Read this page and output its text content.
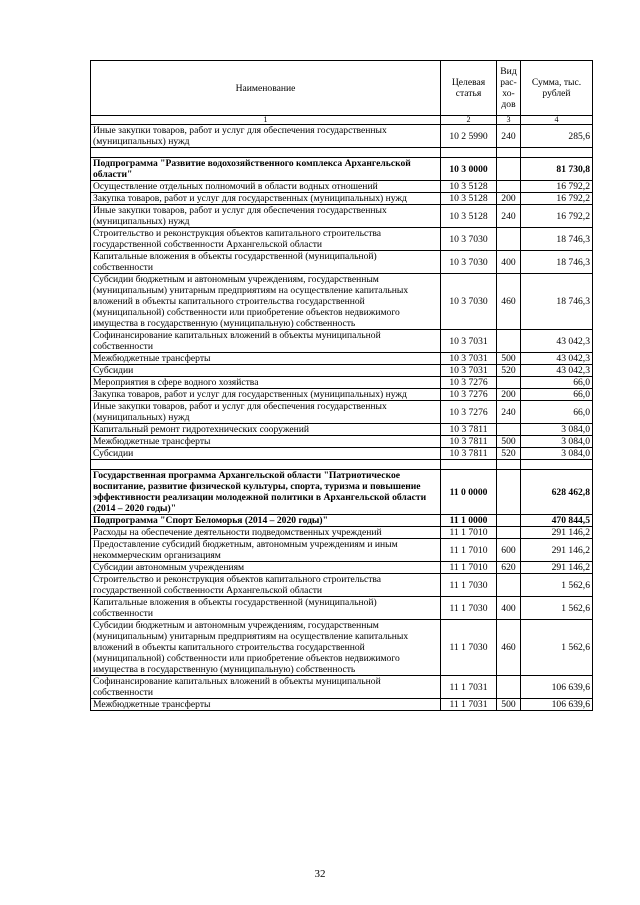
Наименование	Целевая статья	Вид рас-хо-дов	Сумма, тыс. рублей
1	2	3	4
Иные закупки товаров, работ и услуг для обеспечения государственных (муниципальных) нужд	10 2 5990	240	285,6

Подпрограмма "Развитие водохозяйственного комплекса Архангельской области"	10 3 0000		81 730,8
Осуществление отдельных полномочий в области водных отношений	10 3 5128		16 792,2
Закупка товаров, работ и услуг для государственных (муниципальных) нужд	10 3 5128	200	16 792,2
Иные закупки товаров, работ и услуг для обеспечения государственных (муниципальных) нужд	10 3 5128	240	16 792,2
Строительство и реконструкция объектов капитального строительства государственной собственности Архангельской области	10 3 7030		18 746,3
Капитальные вложения в объекты государственной (муниципальной) собственности	10 3 7030	400	18 746,3
Субсидии бюджетным и автономным учреждениям, государственным (муниципальным) унитарным предприятиям на осуществление капитальных вложений в объекты капитального строительства государственной (муниципальной) собственности или приобретение объектов недвижимого имущества в государственную (муниципальную) собственность	10 3 7030	460	18 746,3
Софинансирование капитальных вложений в объекты муниципальной собственности	10 3 7031		43 042,3
Межбюджетные трансферты	10 3 7031	500	43 042,3
Субсидии	10 3 7031	520	43 042,3
Мероприятия в сфере водного хозяйства	10 3 7276		66,0
Закупка товаров, работ и услуг для государственных (муниципальных) нужд	10 3 7276	200	66,0
Иные закупки товаров, работ и услуг для обеспечения государственных (муниципальных) нужд	10 3 7276	240	66,0
Капитальный ремонт гидротехнических сооружений	10 3 7811		3 084,0
Межбюджетные трансферты	10 3 7811	500	3 084,0
Субсидии	10 3 7811	520	3 084,0

Государственная программа Архангельской области "Патриотическое воспитание, развитие физической культуры, спорта, туризма и повышение эффективности реализации молодежной политики в Архангельской области (2014 – 2020 годы)"	11 0 0000		628 462,8
Подпрограмма "Спорт Беломорья (2014 – 2020 годы)"	11 1 0000		470 844,5
Расходы на обеспечение деятельности подведомственных учреждений	11 1 7010		291 146,2
Предоставление субсидий бюджетным, автономным учреждениям и иным некоммерческим организациям	11 1 7010	600	291 146,2
Субсидии автономным учреждениям	11 1 7010	620	291 146,2
Строительство и реконструкция объектов капитального строительства государственной собственности Архангельской области	11 1 7030		1 562,6
Капитальные вложения в объекты государственной (муниципальной) собственности	11 1 7030	400	1 562,6
Субсидии бюджетным и автономным учреждениям, государственным (муниципальным) унитарным предприятиям на осуществление капитальных вложений в объекты капитального строительства государственной (муниципальной) собственности или приобретение объектов недвижимого имущества в государственную (муниципальную) собственность	11 1 7030	460	1 562,6
Софинансирование капитальных вложений в объекты муниципальной собственности	11 1 7031		106 639,6
Межбюджетные трансферты	11 1 7031	500	106 639,6
32
